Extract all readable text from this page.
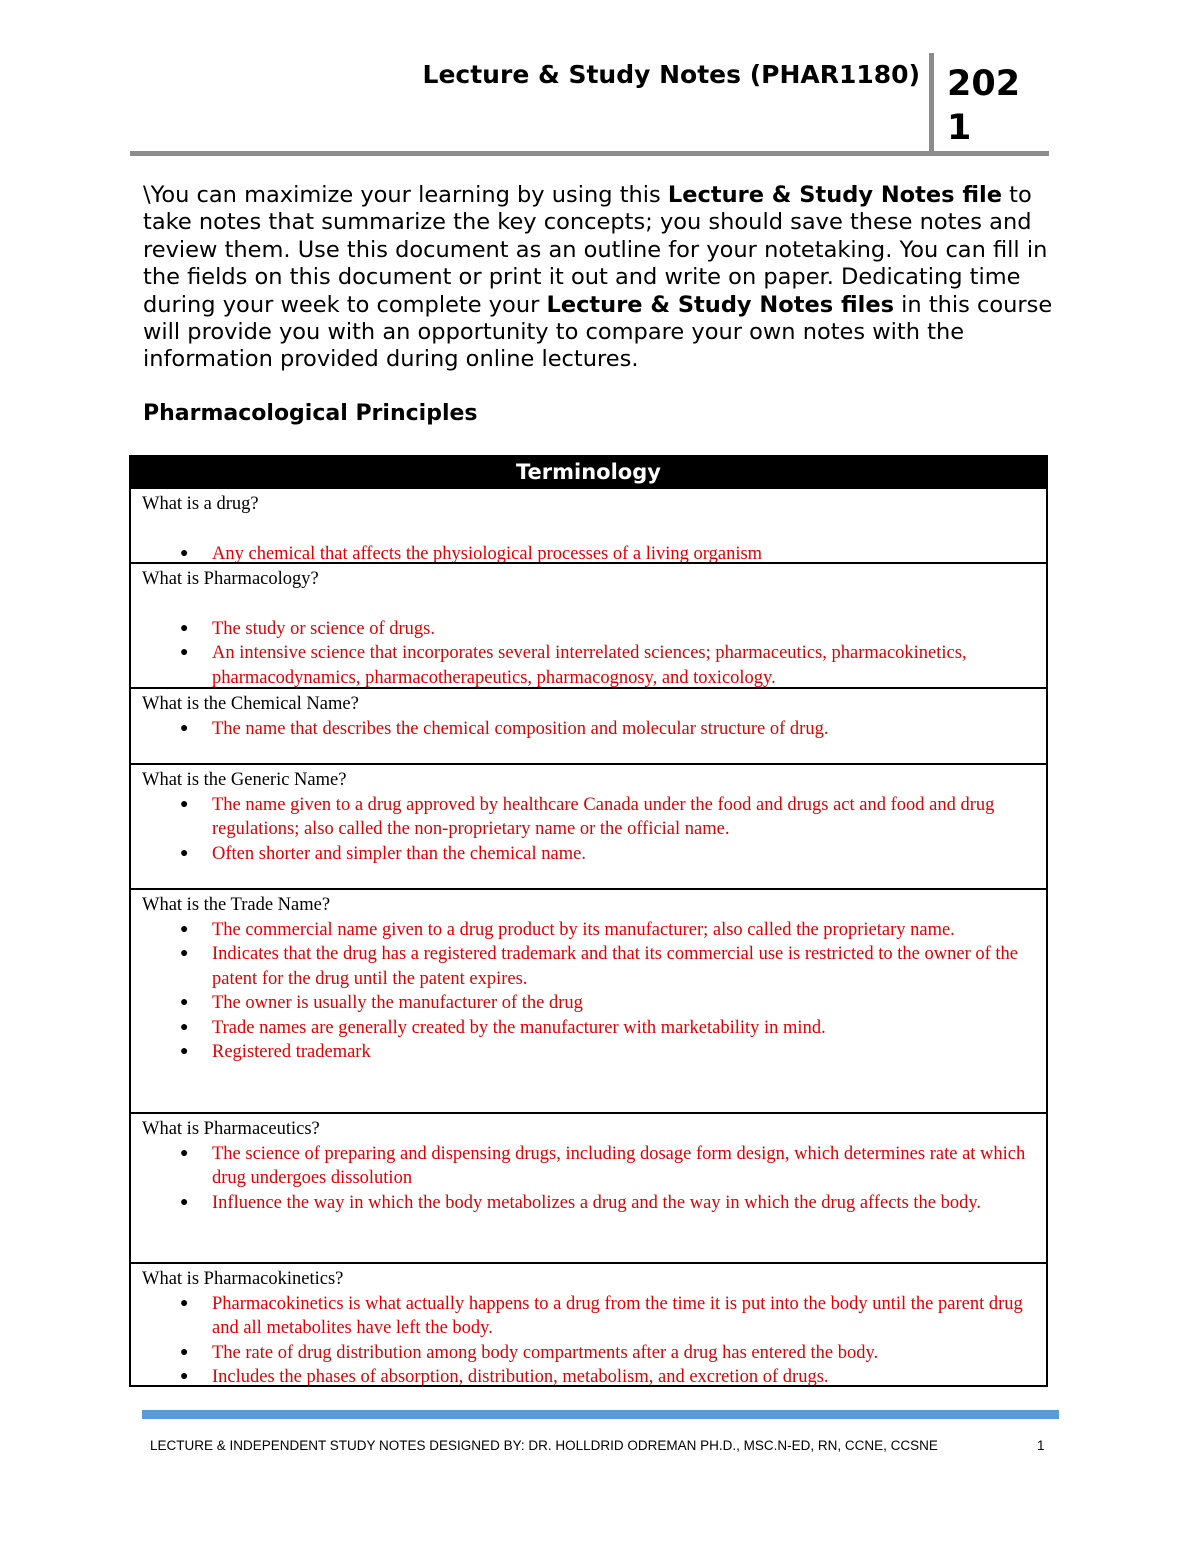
Lecture & Study Notes (PHAR1180) 2021
\You can maximize your learning by using this Lecture & Study Notes file to take notes that summarize the key concepts; you should save these notes and review them. Use this document as an outline for your notetaking. You can fill in the fields on this document or print it out and write on paper. Dedicating time during your week to complete your Lecture & Study Notes files in this course will provide you with an opportunity to compare your own notes with the information provided during online lectures.
Pharmacological Principles
Terminology
What is a drug?
● Any chemical that affects the physiological processes of a living organism
What is Pharmacology?
● The study or science of drugs.
● An intensive science that incorporates several interrelated sciences; pharmaceutics, pharmacokinetics, pharmacodynamics, pharmacotherapeutics, pharmacognosy, and toxicology.
What is the Chemical Name?
● The name that describes the chemical composition and molecular structure of drug.
What is the Generic Name?
● The name given to a drug approved by healthcare Canada under the food and drugs act and food and drug regulations; also called the non-proprietary name or the official name.
● Often shorter and simpler than the chemical name.
What is the Trade Name?
● The commercial name given to a drug product by its manufacturer; also called the proprietary name.
● Indicates that the drug has a registered trademark and that its commercial use is restricted to the owner of the patent for the drug until the patent expires.
● The owner is usually the manufacturer of the drug
● Trade names are generally created by the manufacturer with marketability in mind.
● Registered trademark
What is Pharmaceutics?
● The science of preparing and dispensing drugs, including dosage form design, which determines rate at which drug undergoes dissolution
● Influence the way in which the body metabolizes a drug and the way in which the drug affects the body.
What is Pharmacokinetics?
● Pharmacokinetics is what actually happens to a drug from the time it is put into the body until the parent drug and all metabolites have left the body.
● The rate of drug distribution among body compartments after a drug has entered the body.
● Includes the phases of absorption, distribution, metabolism, and excretion of drugs.
LECTURE & INDEPENDENT STUDY NOTES DESIGNED BY: DR. HOLLDRID ODREMAN PH.D., MSC.N-ED, RN, CCNE, CCSNE	1
